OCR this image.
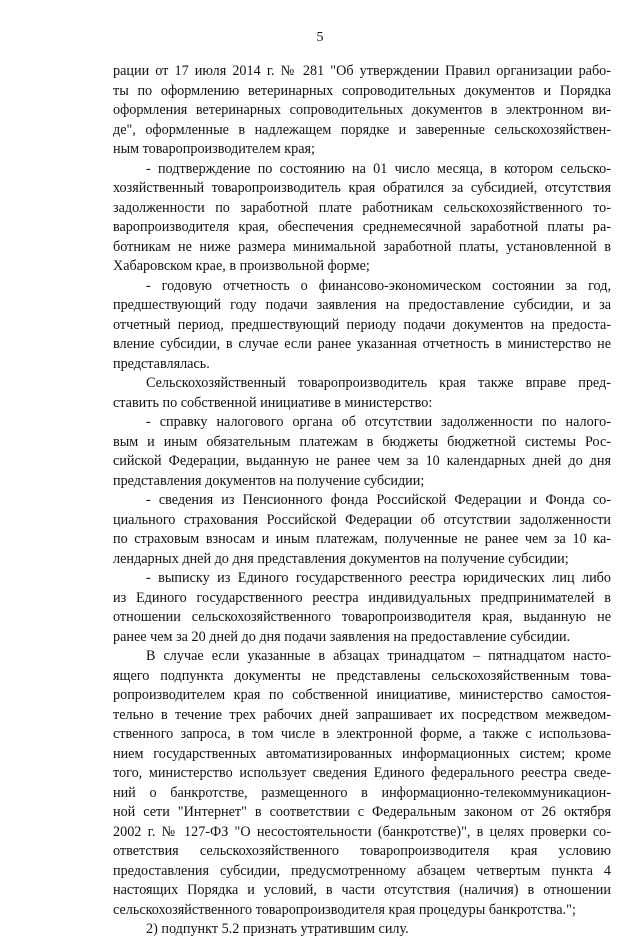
5
рации от 17 июля 2014 г. № 281 "Об утверждении Правил организации рабо-
ты по оформлению ветеринарных сопроводительных документов и Порядка
оформления ветеринарных сопроводительных документов в электронном ви-
де", оформленные в надлежащем порядке и заверенные сельскохозяйствен-
ным товаропроизводителем края;
- подтверждение по состоянию на 01 число месяца, в котором сельско-
хозяйственный товаропроизводитель края обратился за субсидией, отсутствия
задолженности по заработной плате работникам сельскохозяйственного то-
варопроизводителя края, обеспечения среднемесячной заработной платы ра-
ботникам не ниже размера минимальной заработной платы, установленной в
Хабаровском крае, в произвольной форме;
- годовую отчетность о финансово-экономическом состоянии за год,
предшествующий году подачи заявления на предоставление субсидии, и за
отчетный период, предшествующий периоду подачи документов на предоста-
вление субсидии, в случае если ранее указанная отчетность в министерство не
представлялась.
Сельскохозяйственный товаропроизводитель края также вправе пред-
ставить по собственной инициативе в министерство:
- справку налогового органа об отсутствии задолженности по налого-
вым и иным обязательным платежам в бюджеты бюджетной системы Рос-
сийской Федерации, выданную не ранее чем за 10 календарных дней до дня
представления документов на получение субсидии;
- сведения из Пенсионного фонда Российской Федерации и Фонда со-
циального страхования Российской Федерации об отсутствии задолженности
по страховым взносам и иным платежам, полученные не ранее чем за 10 ка-
лендарных дней до дня представления документов на получение субсидии;
- выписку из Единого государственного реестра юридических лиц либо
из Единого государственного реестра индивидуальных предпринимателей в
отношении сельскохозяйственного товаропроизводителя края, выданную не
ранее чем за 20 дней до дня подачи заявления на предоставление субсидии.
В случае если указанные в абзацах тринадцатом – пятнадцатом насто-
ящего подпункта документы не представлены сельскохозяйственным това-
ропроизводителем края по собственной инициативе, министерство самостоя-
тельно в течение трех рабочих дней запрашивает их посредством межведом-
ственного запроса, в том числе в электронной форме, а также с использова-
нием государственных автоматизированных информационных систем; кроме
того, министерство использует сведения Единого федерального реестра сведе-
ний о банкротстве, размещенного в информационно-телекоммуникацион-
ной сети "Интернет" в соответствии с Федеральным законом от 26 октября
2002 г. № 127-ФЗ "О несостоятельности (банкротстве)", в целях проверки со-
ответствия сельскохозяйственного товаропроизводителя края условию
предоставления субсидии, предусмотренному абзацем четвертым пункта 4
настоящих Порядка и условий, в части отсутствия (наличия) в отношении
сельскохозяйственного товаропроизводителя края процедуры банкротства.";
2) подпункт 5.2 признать утратившим силу.
